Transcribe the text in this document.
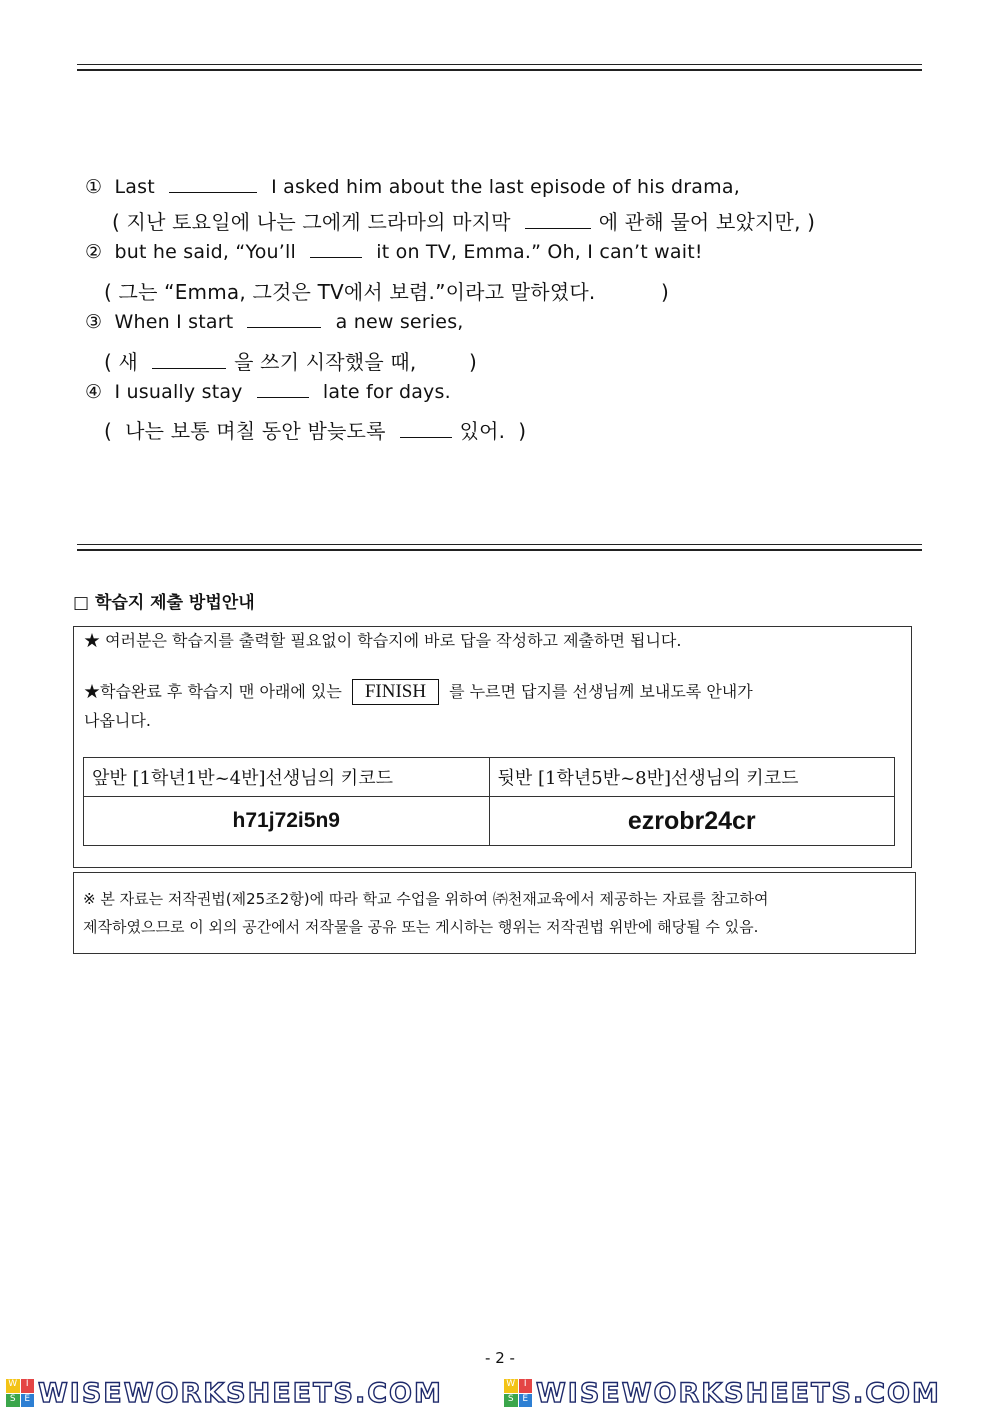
① Last	I asked him about the last episode of his drama,
( 지난 토요일에 나는 그에게 드라마의 마지막	에 관해 물어 보았지만, )
② but he said, “You’ll	it on TV, Emma.” Oh, I can’t wait!
( 그는 “Emma, 그것은 TV에서 보렴.”이라고 말하였다.          )
③ When I start	a new series,
( 새	을 쓰기 시작했을 때,        )
④ I usually stay	late for days.
(  나는 보통 며칠 동안 밤늦도록	있어.  )
□ 학습지 제출 방법안내

★ 여러분은 학습지를 출력할 필요없이 학습지에 바로 답을 작성하고 제출하면 됩니다.

★학습완료 후 학습지 맨 아래에 있는 FINISH 를 누르면 답지를 선생님께 보내도록 안내가

나옵니다.

앞반 [1학년1반~4반]선생님의 키코드	뒷반 [1학년5반~8반]선생님의 키코드
h71j72i5n9	ezrobr24cr

※ 본 자료는 저작권법(제25조2항)에 따라 학교 수업을 위하여 ㈜천재교육에서 제공하는 자료를 참고하여

제작하였으므로 이 외의 공간에서 저작물을 공유 또는 게시하는 행위는 저작권법 위반에 해당될 수 있음.

- 2 -
W I
S E WISEWORKSHEETS.COM	W I
S E WISEWORKSHEETS.COM
